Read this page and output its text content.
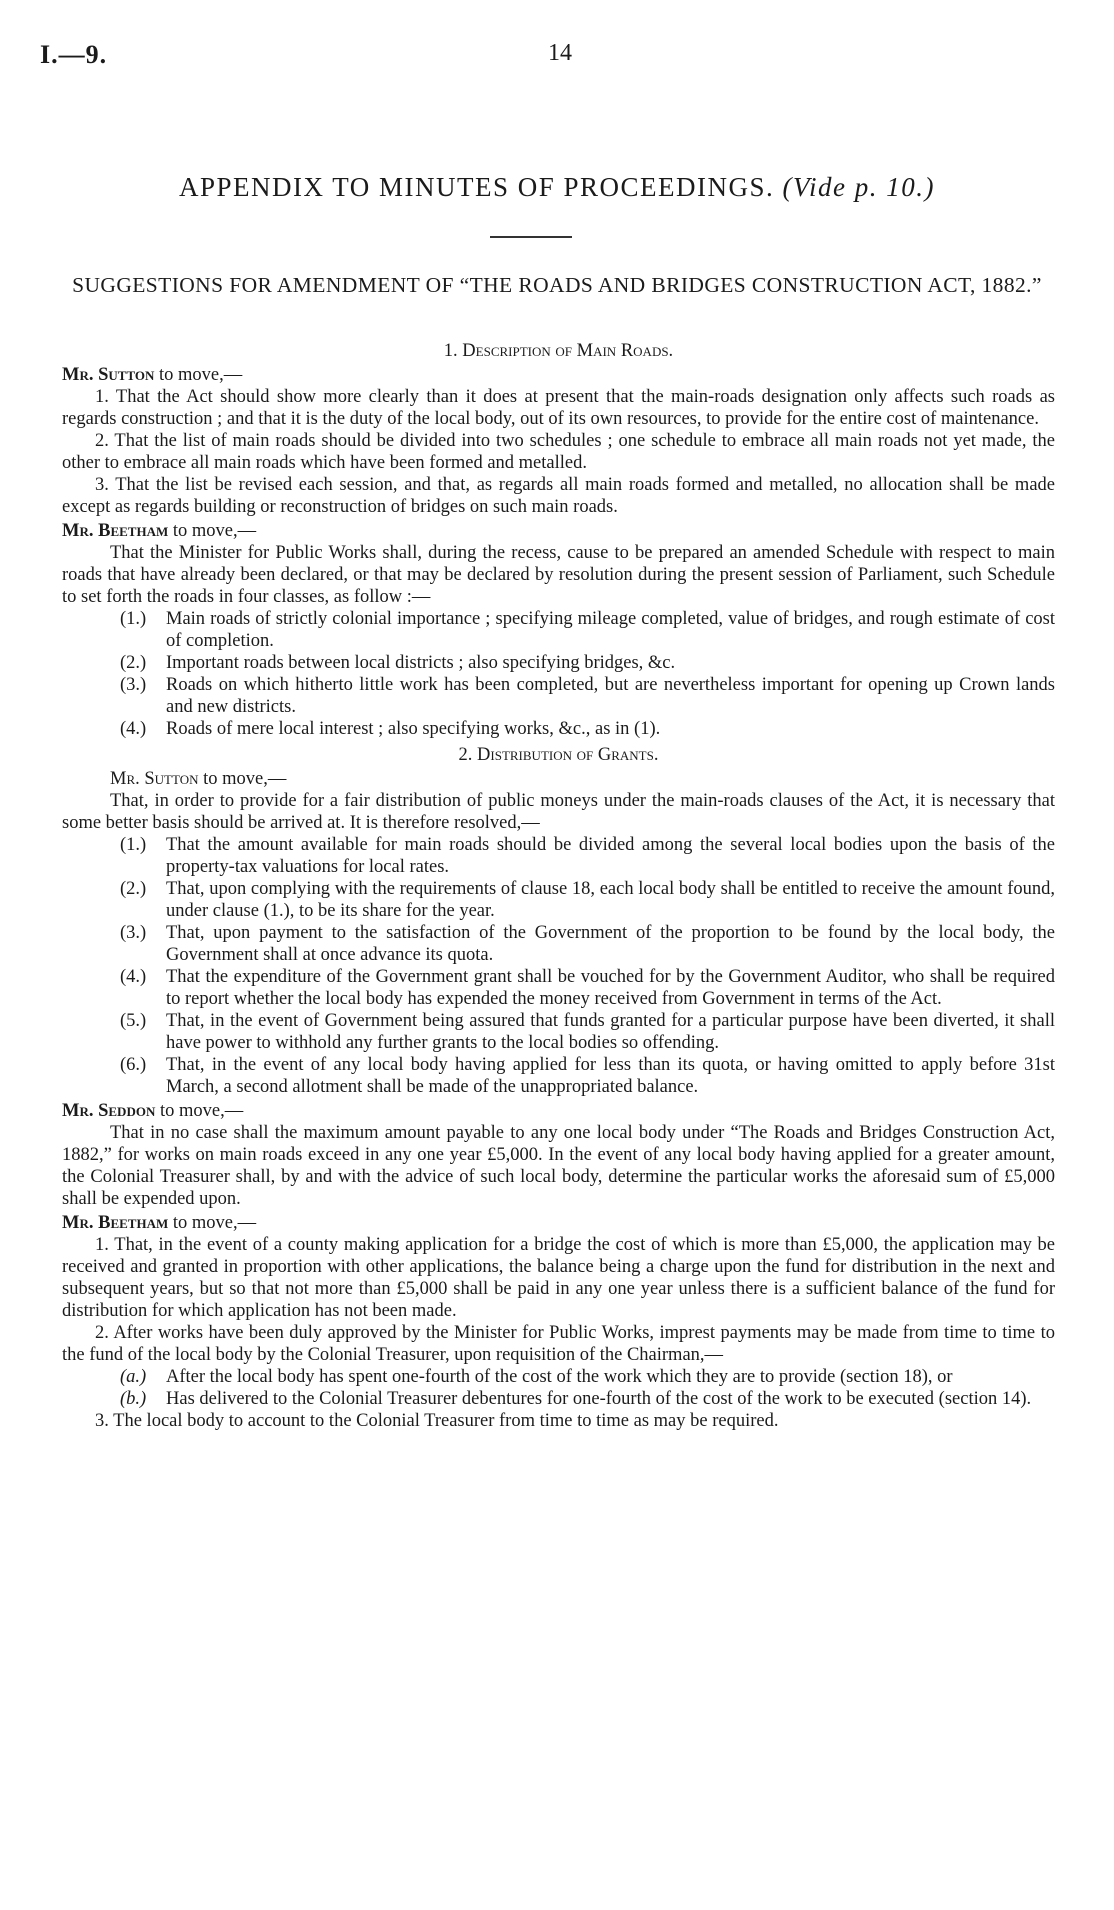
I.—9.	14
APPENDIX TO MINUTES OF PROCEEDINGS. (Vide p. 10.)
SUGGESTIONS FOR AMENDMENT OF “THE ROADS AND BRIDGES CONSTRUCTION ACT, 1882.”
1. Description of Main Roads.
Mr. Sutton to move,—

1. That the Act should show more clearly than it does at present that the main-roads designation only affects such roads as regards construction ; and that it is the duty of the local body, out of its own resources, to provide for the entire cost of maintenance.

2. That the list of main roads should be divided into two schedules ; one schedule to embrace all main roads not yet made, the other to embrace all main roads which have been formed and metalled.

3. That the list be revised each session, and that, as regards all main roads formed and metalled, no allocation shall be made except as regards building or reconstruction of bridges on such main roads.

Mr. Beetham to move,—

That the Minister for Public Works shall, during the recess, cause to be prepared an amended Schedule with respect to main roads that have already been declared, or that may be declared by resolution during the present session of Parliament, such Schedule to set forth the roads in four classes, as follow :—

(1.)	Main roads of strictly colonial importance ; specifying mileage completed, value of bridges, and rough estimate of cost of completion.
(2.)	Important roads between local districts ; also specifying bridges, &c.
(3.)	Roads on which hitherto little work has been completed, but are nevertheless important for opening up Crown lands and new districts.
(4.)	Roads of mere local interest ; also specifying works, &c., as in (1).
2. Distribution of Grants.
Mr. Sutton to move,—

That, in order to provide for a fair distribution of public moneys under the main-roads clauses of the Act, it is necessary that some better basis should be arrived at. It is therefore resolved,—

(1.)	That the amount available for main roads should be divided among the several local bodies upon the basis of the property-tax valuations for local rates.
(2.)	That, upon complying with the requirements of clause 18, each local body shall be entitled to receive the amount found, under clause (1.), to be its share for the year.
(3.)	That, upon payment to the satisfaction of the Government of the proportion to be found by the local body, the Government shall at once advance its quota.
(4.)	That the expenditure of the Government grant shall be vouched for by the Government Auditor, who shall be required to report whether the local body has expended the money received from Government in terms of the Act.
(5.)	That, in the event of Government being assured that funds granted for a particular purpose have been diverted, it shall have power to withhold any further grants to the local bodies so offending.
(6.)	That, in the event of any local body having applied for less than its quota, or having omitted to apply before 31st March, a second allotment shall be made of the unappropriated balance.
Mr. Seddon to move,—

That in no case shall the maximum amount payable to any one local body under “The Roads and Bridges Construction Act, 1882,” for works on main roads exceed in any one year £5,000. In the event of any local body having applied for a greater amount, the Colonial Treasurer shall, by and with the advice of such local body, determine the particular works the aforesaid sum of £5,000 shall be expended upon.

Mr. Beetham to move,—

1. That, in the event of a county making application for a bridge the cost of which is more than £5,000, the application may be received and granted in proportion with other applications, the balance being a charge upon the fund for distribution in the next and subsequent years, but so that not more than £5,000 shall be paid in any one year unless there is a sufficient balance of the fund for distribution for which application has not been made.

2. After works have been duly approved by the Minister for Public Works, imprest payments may be made from time to time to the fund of the local body by the Colonial Treasurer, upon requisition of the Chairman,—

(a.)	After the local body has spent one-fourth of the cost of the work which they are to provide (section 18), or
(b.)	Has delivered to the Colonial Treasurer debentures for one-fourth of the cost of the work to be executed (section 14).

3. The local body to account to the Colonial Treasurer from time to time as may be required.
